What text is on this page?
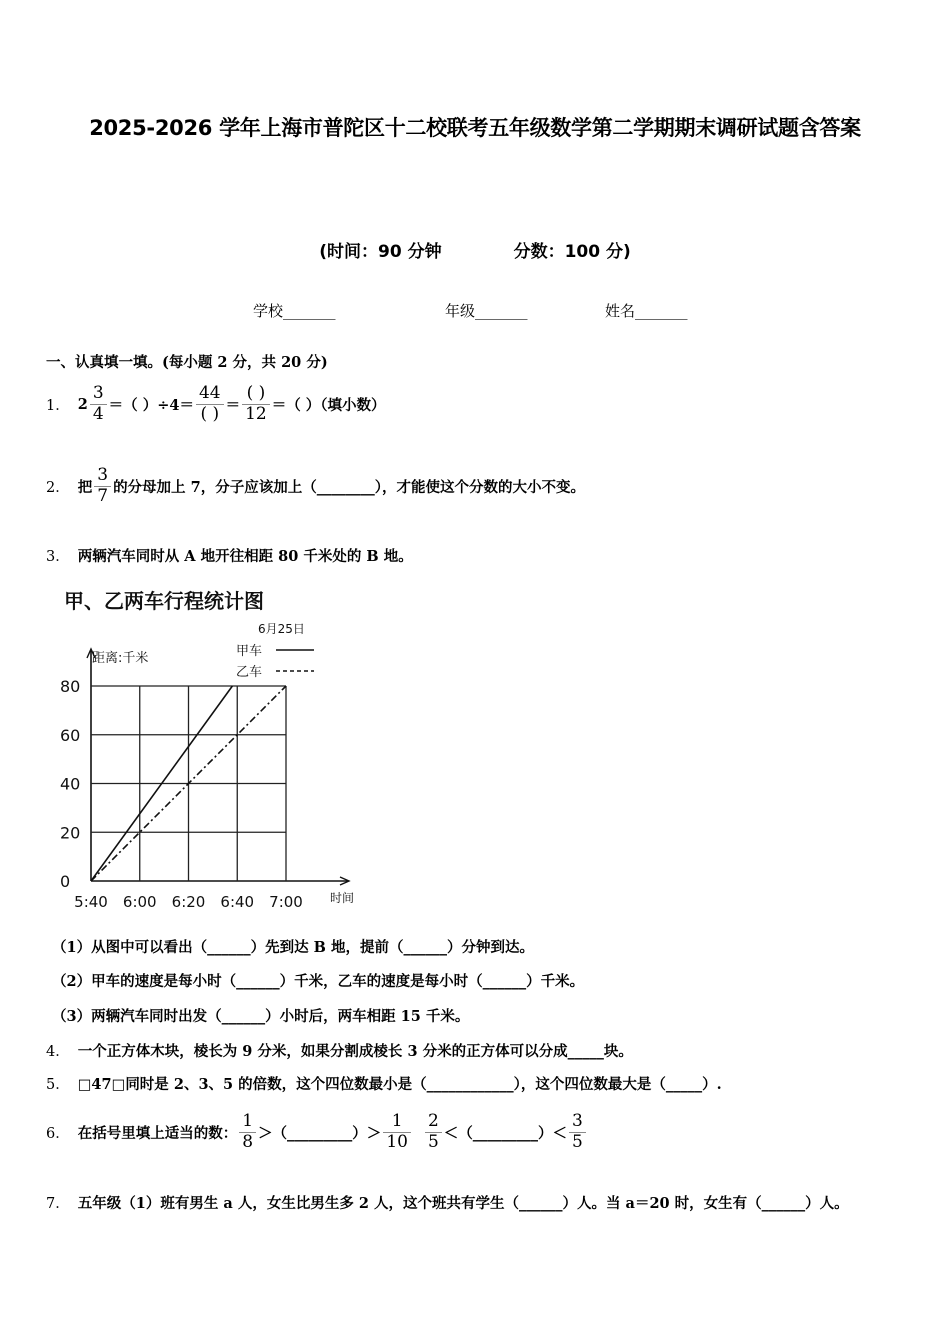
2025-2026 学年上海市普陀区十二校联考五年级数学第二学期期末调研试题含答案
(时间：90 分钟	分数：100 分)
学校_______	年级_______	姓名_______
一、认真填一填。(每小题 2 分，共 20 分)
1． $2 \frac{3}{4}$ ＝（ ）$\div 4= \frac{44}{( )} = \frac{( )}{12}$ ＝（ ）（填小数）
2． 把 $\frac{3}{7}$ 的分母加上 7，分子应该加上（________），才能使这个分数的大小不变。
3． 两辆汽车同时从 A 地开往相距 80 千米处的 B 地。
甲、乙两车行程统计图
6月25日
距离:千米
时间
0
20
40
60
80
5:40 6:00 6:20 6:40 7:00
甲车
乙车
（1）从图中可以看出（______）先到达 B 地，提前（______）分钟到达。
（2）甲车的速度是每小时（______）千米，乙车的速度是每小时（______）千米。
（3）两辆汽车同时出发（______）小时后，两车相距 15 千米。
4． 一个正方体木块，棱长为 9 分米，如果分割成棱长 3 分米的正方体可以分成_____块。
5． □47□同时是 2、3、5 的倍数，这个四位数最小是（____________），这个四位数最大是（_____）.
6． 在括号里填上适当的数： $\frac{1}{8}$ ＞（_________）＞ $\frac{1}{10} \frac{2}{5}$ ＜（_________）＜ $\frac{3}{5}$
7． 五年级（1）班有男生 a 人，女生比男生多 2 人，这个班共有学生（______）人。当 a＝20 时，女生有（______）人。
